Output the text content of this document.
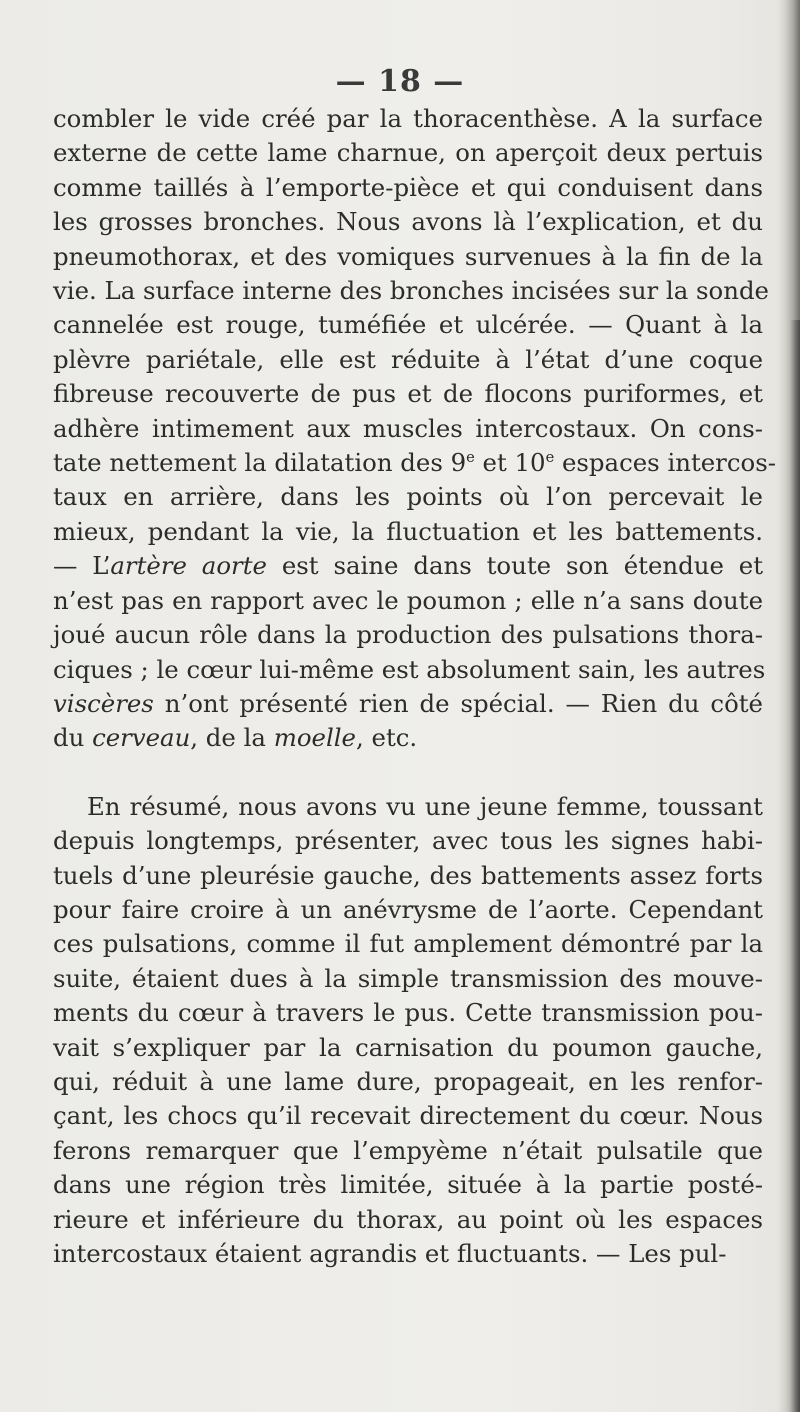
— 18 —
combler le vide créé par la thoracenthèse. A la surface
externe de cette lame charnue, on aperçoit deux pertuis
comme taillés à l’emporte-pièce et qui conduisent dans
les grosses bronches. Nous avons là l’explication, et du
pneumothorax, et des vomiques survenues à la fin de la
vie. La surface interne des bronches incisées sur la sonde
cannelée est rouge, tuméfiée et ulcérée. — Quant à la
plèvre pariétale, elle est réduite à l’état d’une coque
fibreuse recouverte de pus et de flocons puriformes, et
adhère intimement aux muscles intercostaux. On cons-
tate nettement la dilatation des 9e et 10e espaces intercos-
taux en arrière, dans les points où l’on percevait le
mieux, pendant la vie, la fluctuation et les battements.
— L’artère aorte est saine dans toute son étendue et
n’est pas en rapport avec le poumon ; elle n’a sans doute
joué aucun rôle dans la production des pulsations thora-
ciques ; le cœur lui-même est absolument sain, les autres
viscères n’ont présenté rien de spécial. — Rien du côté
du cerveau, de la moelle, etc.
En résumé, nous avons vu une jeune femme, toussant
depuis longtemps, présenter, avec tous les signes habi-
tuels d’une pleurésie gauche, des battements assez forts
pour faire croire à un anévrysme de l’aorte. Cependant
ces pulsations, comme il fut amplement démontré par la
suite, étaient dues à la simple transmission des mouve-
ments du cœur à travers le pus. Cette transmission pou-
vait s’expliquer par la carnisation du poumon gauche,
qui, réduit à une lame dure, propageait, en les renfor-
çant, les chocs qu’il recevait directement du cœur. Nous
ferons remarquer que l’empyème n’était pulsatile que
dans une région très limitée, située à la partie posté-
rieure et inférieure du thorax, au point où les espaces
intercostaux étaient agrandis et fluctuants. — Les pul-
